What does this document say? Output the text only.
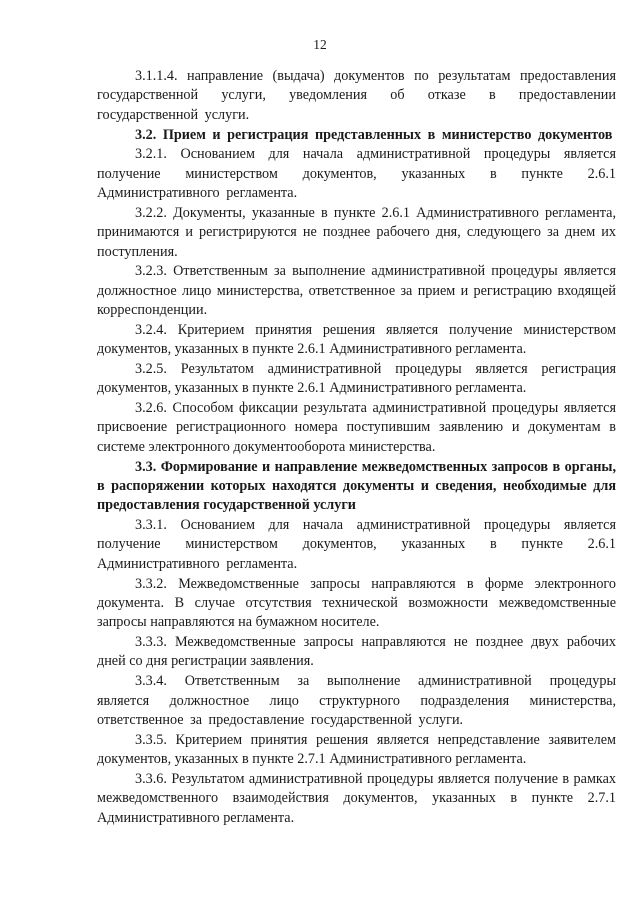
12

3.1.1.4. направление (выдача) документов по результатам предоставления государственной услуги, уведомления об отказе в предоставлении государственной услуги.

3.2. Прием и регистрация представленных в министерство документов

3.2.1. Основанием для начала административной процедуры является получение министерством документов, указанных в пункте 2.6.1 Административного регламента.

3.2.2. Документы, указанные в пункте 2.6.1 Административного регламента, принимаются и регистрируются не позднее рабочего дня, следующего за днем их поступления.

3.2.3. Ответственным за выполнение административной процедуры является должностное лицо министерства, ответственное за прием и регистрацию входящей корреспонденции.

3.2.4. Критерием принятия решения является получение министерством документов, указанных в пункте 2.6.1 Административного регламента.

3.2.5. Результатом административной процедуры является регистрация документов, указанных в пункте 2.6.1 Административного регламента.

3.2.6. Способом фиксации результата административной процедуры является присвоение регистрационного номера поступившим заявлению и документам в системе электронного документооборота министерства.

3.3. Формирование и направление межведомственных запросов в органы, в распоряжении которых находятся документы и сведения, необходимые для предоставления государственной услуги

3.3.1. Основанием для начала административной процедуры является получение министерством документов, указанных в пункте 2.6.1 Административного регламента.

3.3.2. Межведомственные запросы направляются в форме электронного документа. В случае отсутствия технической возможности межведомственные запросы направляются на бумажном носителе.

3.3.3. Межведомственные запросы направляются не позднее двух рабочих дней со дня регистрации заявления.

3.3.4. Ответственным за выполнение административной процедуры является должностное лицо структурного подразделения министерства, ответственное за предоставление государственной услуги.

3.3.5. Критерием принятия решения является непредставление заявителем документов, указанных в пункте 2.7.1 Административного регламента.

3.3.6. Результатом административной процедуры является получение в рамках межведомственного взаимодействия документов, указанных в пункте 2.7.1 Административного регламента.
